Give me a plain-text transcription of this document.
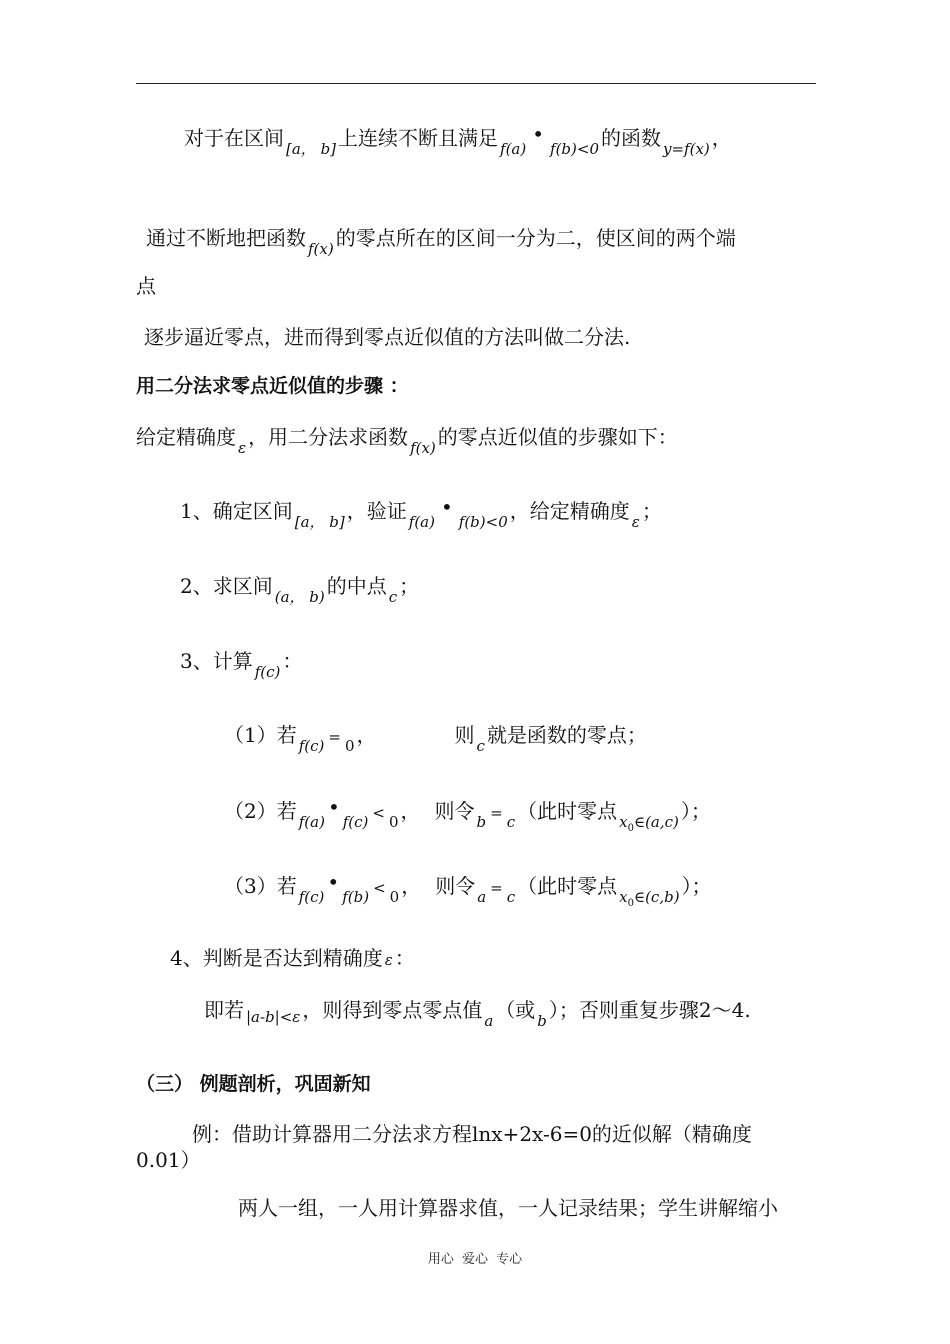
对于在区间 $_{[a, b]}$ 上连续不断且满足 $_{f(a)}•_{f(b)<0}$ 的函数 $_{y=f(x)}$ ，
通过不断地把函数 $_{f(x)}$ 的零点所在的区间一分为二，使区间的两个端
点
逐步逼近零点，进而得到零点近似值的方法叫做二分法.
用二分法求零点近似值的步骤 ：
给定精确度 $_\varepsilon$ ，用二分法求函数 $_{f(x)}$ 的零点近似值的步骤如下：
1、确定区间 $_{[a, b]}$ ，验证 $_{f(a)}•_{f(b)<0}$ ，给定精确度 $_\varepsilon$ ；
2、求区间 $_{(a, b)}$ 的中点 $_c$ ；
3、计算 $_{f(c)}$ ：
（1）若 $_{f(c)}$ = $_0$ ，	则 $_c$ 就是函数的零点；
（2）若 $_{f(a)}•_{f(c)} < _0$ ， 则令 $_b$ = $_c$ （此时零点 $_{x_0\in(a,c)}$ ）；
（3）若 $_{f(c)}•_{f(b)} < _0$ ， 则令 $_a$ = $_c$ （此时零点 $_{x_0\in(c,b)}$ ）；
4、判断是否达到精确度 ε ：
即若 $_{|a-b|<\varepsilon}$ ，则得到零点零点值 $_a$ （或 $_b$ ）；否则重复步骤2～4.
（三） 例题剖析，巩固新知
例：借助计算器用二分法求方程lnx+2x-6=0的近似解（精确度
0.01）
两人一组，一人用计算器求值，一人记录结果；学生讲解缩小
用心 爱心 专心
